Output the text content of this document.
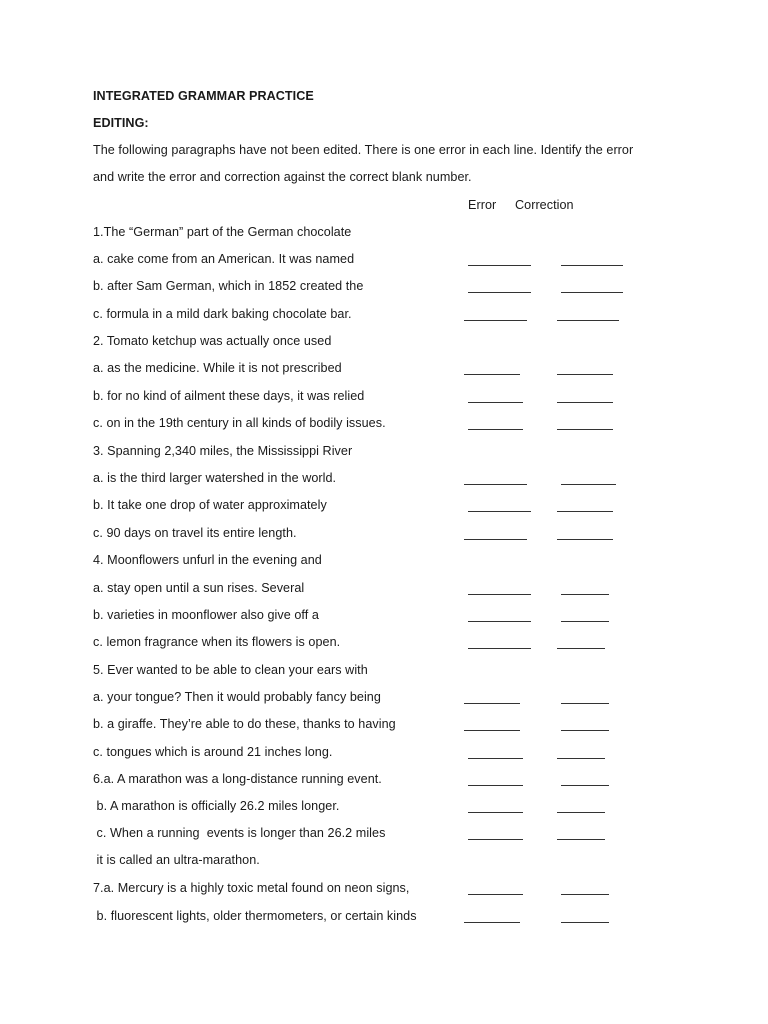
INTEGRATED GRAMMAR PRACTICE
EDITING:
The following paragraphs have not been edited. There is one error in each line. Identify the error
and write the error and correction against the correct blank number.
Error Correction
1.The “German” part of the German chocolate
a. cake come from an American. It was named
b. after Sam German, which in 1852 created the
c. formula in a mild dark baking chocolate bar.
2. Tomato ketchup was actually once used
a. as the medicine. While it is not prescribed
b. for no kind of ailment these days, it was relied
c. on in the 19th century in all kinds of bodily issues.
3. Spanning 2,340 miles, the Mississippi River
a. is the third larger watershed in the world.
b. It take one drop of water approximately
c. 90 days on travel its entire length.
4. Moonflowers unfurl in the evening and
a. stay open until a sun rises. Several
b. varieties in moonflower also give off a
c. lemon fragrance when its flowers is open.
5. Ever wanted to be able to clean your ears with
a. your tongue? Then it would probably fancy being
b. a giraffe. They’re able to do these, thanks to having
c. tongues which is around 21 inches long.
6.a. A marathon was a long-distance running event.
b. A marathon is officially 26.2 miles longer.
c. When a running  events is longer than 26.2 miles
it is called an ultra-marathon.
7.a. Mercury is a highly toxic metal found on neon signs,
b. fluorescent lights, older thermometers, or certain kinds
